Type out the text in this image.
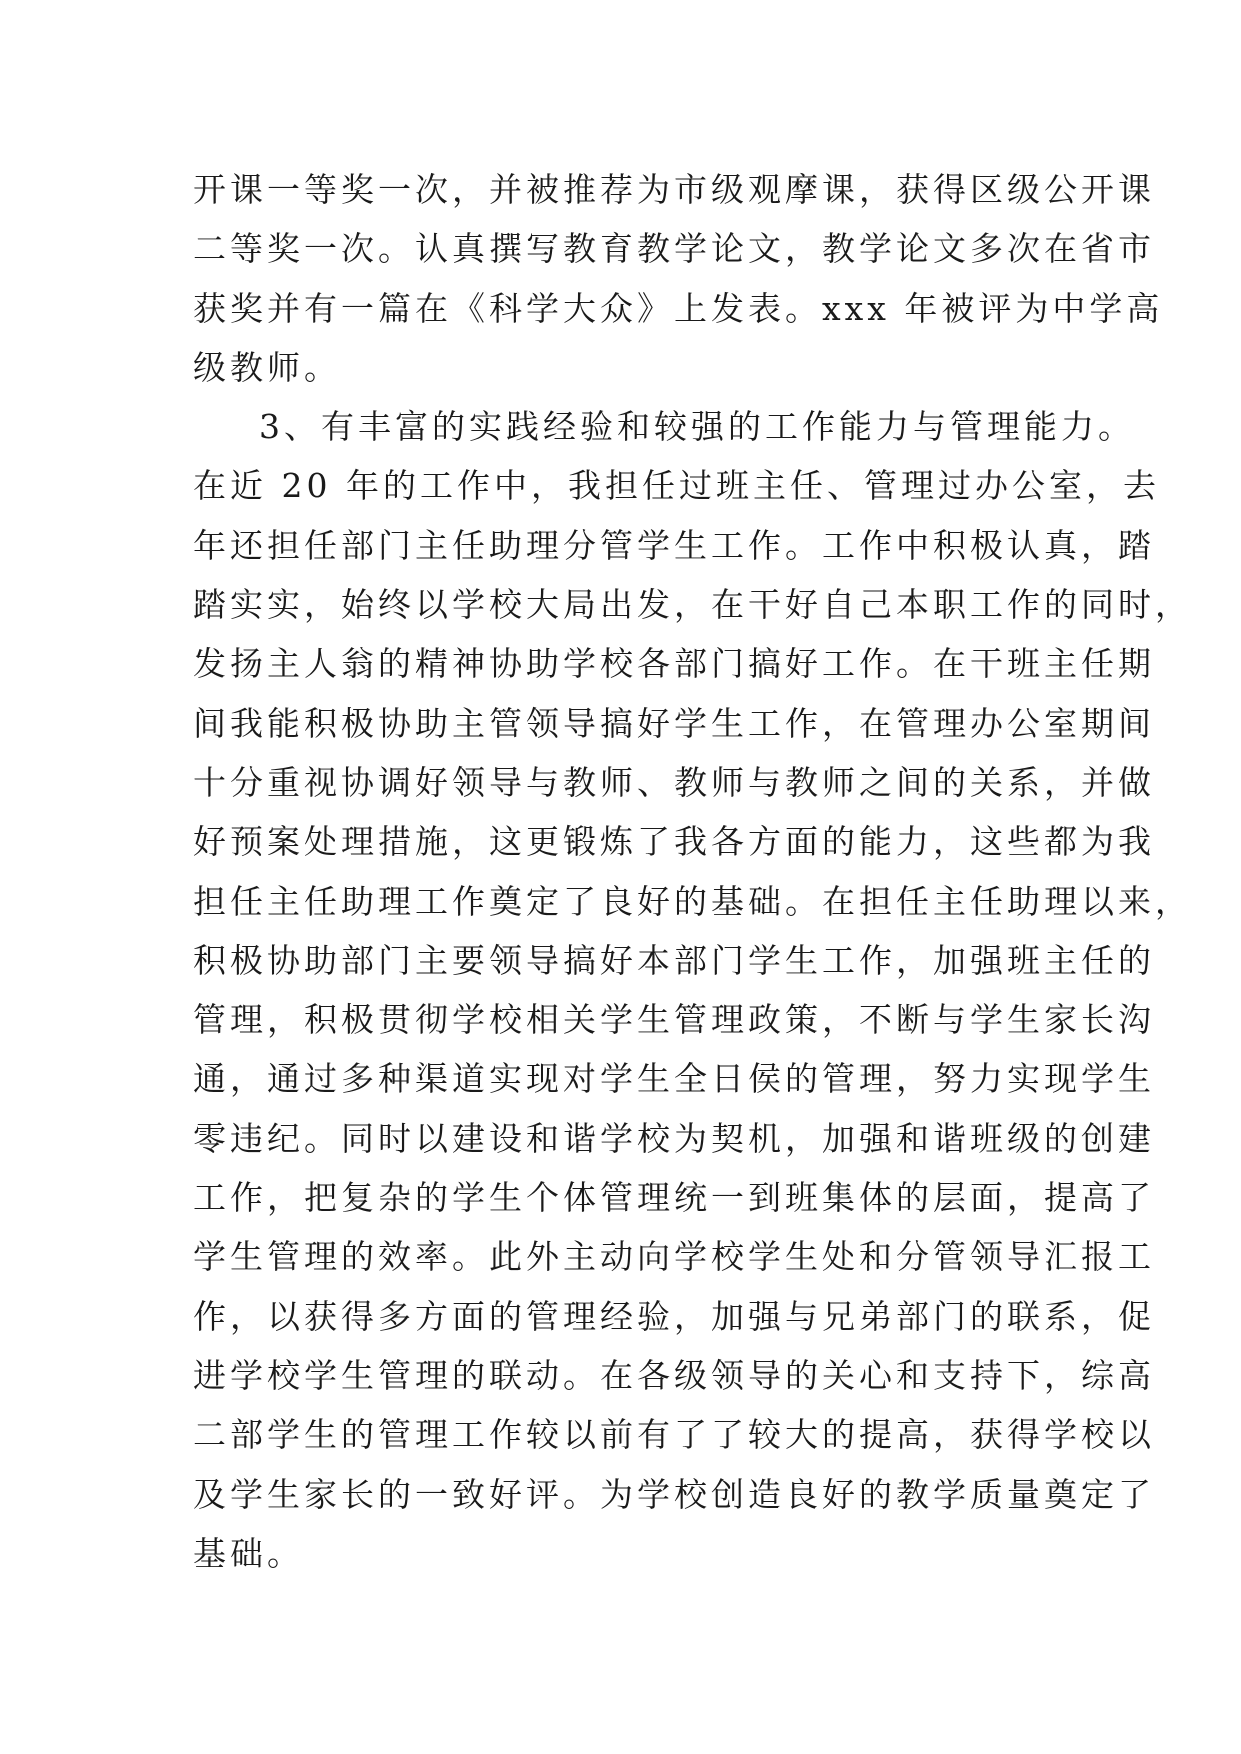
开课一等奖一次，并被推荐为市级观摩课，获得区级公开课
二等奖一次。认真撰写教育教学论文，教学论文多次在省市
获奖并有一篇在《科学大众》上发表。xxx 年被评为中学高
级教师。
3、有丰富的实践经验和较强的工作能力与管理能力。
在近 20 年的工作中，我担任过班主任、管理过办公室，去
年还担任部门主任助理分管学生工作。工作中积极认真，踏
踏实实，始终以学校大局出发，在干好自己本职工作的同时，
发扬主人翁的精神协助学校各部门搞好工作。在干班主任期
间我能积极协助主管领导搞好学生工作，在管理办公室期间
十分重视协调好领导与教师、教师与教师之间的关系，并做
好预案处理措施，这更锻炼了我各方面的能力，这些都为我
担任主任助理工作奠定了良好的基础。在担任主任助理以来，
积极协助部门主要领导搞好本部门学生工作，加强班主任的
管理，积极贯彻学校相关学生管理政策，不断与学生家长沟
通，通过多种渠道实现对学生全日侯的管理，努力实现学生
零违纪。同时以建设和谐学校为契机，加强和谐班级的创建
工作，把复杂的学生个体管理统一到班集体的层面，提高了
学生管理的效率。此外主动向学校学生处和分管领导汇报工
作，以获得多方面的管理经验，加强与兄弟部门的联系，促
进学校学生管理的联动。在各级领导的关心和支持下，综高
二部学生的管理工作较以前有了了较大的提高，获得学校以
及学生家长的一致好评。为学校创造良好的教学质量奠定了
基础。
